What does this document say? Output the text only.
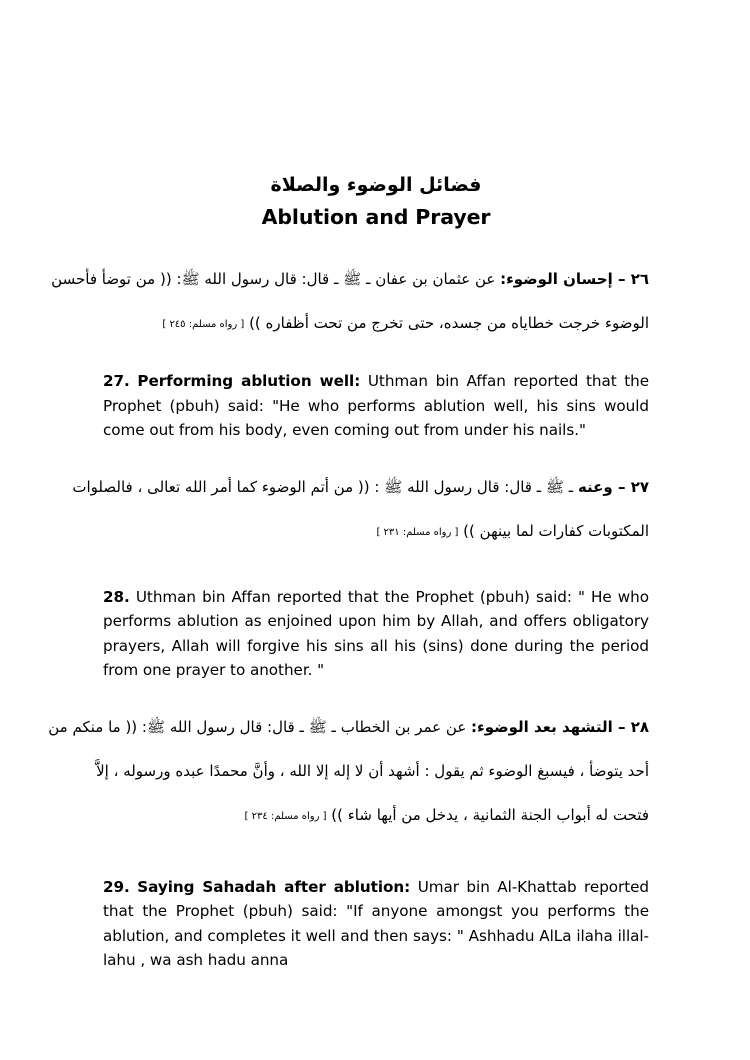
فضائل الوضوء والصلاة
Ablution and Prayer
٢٦ – إحسان الوضوء: عن عثمان بن عفان ـ ﷺ ـ قال: قال رسول الله ﷺ: (( من توضأ فأحسن
الوضوء خرجت خطاياه من جسده، حتى تخرج من تحت أظفاره )) [ رواه مسلم: ٢٤٥ ]

27. Performing ablution well: Uthman bin Affan reported that the Prophet (pbuh) said: "He who performs ablution well, his sins would come out from his body, even coming out from under his nails."

٢٧ – وعنه ـ ﷺ ـ قال: قال رسول الله ﷺ : (( من أتم الوضوء كما أمر الله تعالى ، فالصلوات
المكتوبات كفارات لما بينهن )) [ رواه مسلم: ٢٣١ ]

28. Uthman bin Affan reported that the Prophet (pbuh) said: " He who performs ablution as enjoined upon him by Allah, and offers obligatory prayers, Allah will forgive his sins all his (sins) done during the period from one prayer to another. "

٢٨ – التشهد بعد الوضوء: عن عمر بن الخطاب ـ ﷺ ـ قال: قال رسول الله ﷺ: (( ما منكم من
أحد يتوضأ ، فيسبغ الوضوء ثم يقول : أشهد أن لا إله إلا الله ، وأنَّ محمدًا عبده ورسوله ، إلاَّ
فتحت له أبواب الجنة الثمانية ، يدخل من أيها شاء )) [ رواه مسلم: ٢٣٤ ]

29. Saying Sahadah after ablution: Umar bin Al-Khattab reported that the Prophet (pbuh) said: "If anyone amongst you performs the ablution, and completes it well and then says: " Ashhadu AlLa ilaha illal-lahu , wa ash hadu anna
